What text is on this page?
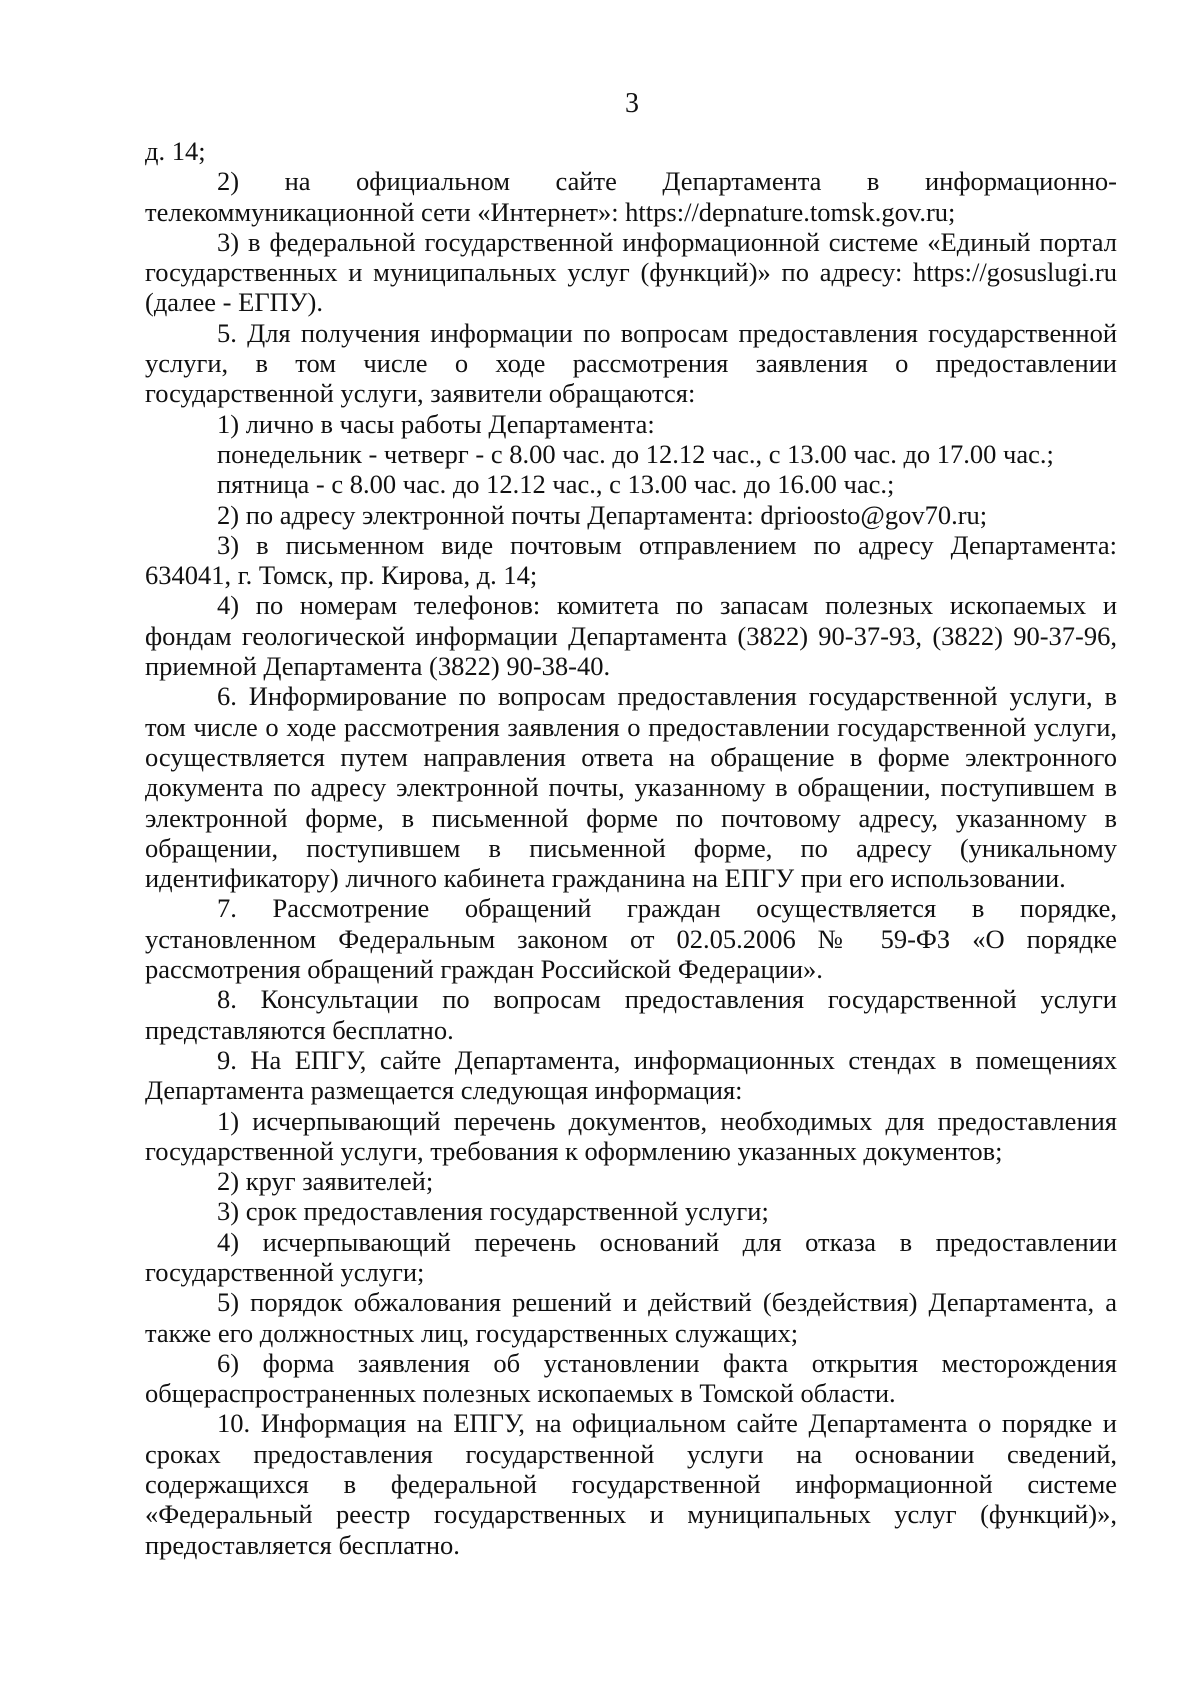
3

д. 14;

2) на официальном сайте Департамента в информационно-телекоммуникационной сети «Интернет»: https://depnature.tomsk.gov.ru;

3) в федеральной государственной информационной системе «Единый портал государственных и муниципальных услуг (функций)» по адресу: https://gosuslugi.ru (далее - ЕГПУ).

5. Для получения информации по вопросам предоставления государственной услуги, в том числе о ходе рассмотрения заявления о предоставлении государственной услуги, заявители обращаются:

1) лично в часы работы Департамента:

понедельник - четверг - с 8.00 час. до 12.12 час., с 13.00 час. до 17.00 час.;

пятница - с 8.00 час. до 12.12 час., с 13.00 час. до 16.00 час.;

2) по адресу электронной почты Департамента: dprioosto@gov70.ru;

3) в письменном виде почтовым отправлением по адресу Департамента: 634041, г. Томск, пр. Кирова, д. 14;

4) по номерам телефонов: комитета по запасам полезных ископаемых и фондам геологической информации Департамента (3822) 90-37-93, (3822) 90-37-96, приемной Департамента (3822) 90-38-40.

6. Информирование по вопросам предоставления государственной услуги, в том числе о ходе рассмотрения заявления о предоставлении государственной услуги, осуществляется путем направления ответа на обращение в форме электронного документа по адресу электронной почты, указанному в обращении, поступившем в электронной форме, в письменной форме по почтовому адресу, указанному в обращении, поступившем в письменной форме, по адресу (уникальному идентификатору) личного кабинета гражданина на ЕПГУ при его использовании.

7. Рассмотрение обращений граждан осуществляется в порядке, установленном Федеральным законом от 02.05.2006 № 59-ФЗ «О порядке рассмотрения обращений граждан Российской Федерации».

8. Консультации по вопросам предоставления государственной услуги представляются бесплатно.

9. На ЕПГУ, сайте Департамента, информационных стендах в помещениях Департамента размещается следующая информация:

1) исчерпывающий перечень документов, необходимых для предоставления государственной услуги, требования к оформлению указанных документов;

2) круг заявителей;

3) срок предоставления государственной услуги;

4) исчерпывающий перечень оснований для отказа в предоставлении государственной услуги;

5) порядок обжалования решений и действий (бездействия) Департамента, а также его должностных лиц, государственных служащих;

6) форма заявления об установлении факта открытия месторождения общераспространенных полезных ископаемых в Томской области.

10. Информация на ЕПГУ, на официальном сайте Департамента о порядке и сроках предоставления государственной услуги на основании сведений, содержащихся в федеральной государственной информационной системе «Федеральный реестр государственных и муниципальных услуг (функций)», предоставляется бесплатно.
